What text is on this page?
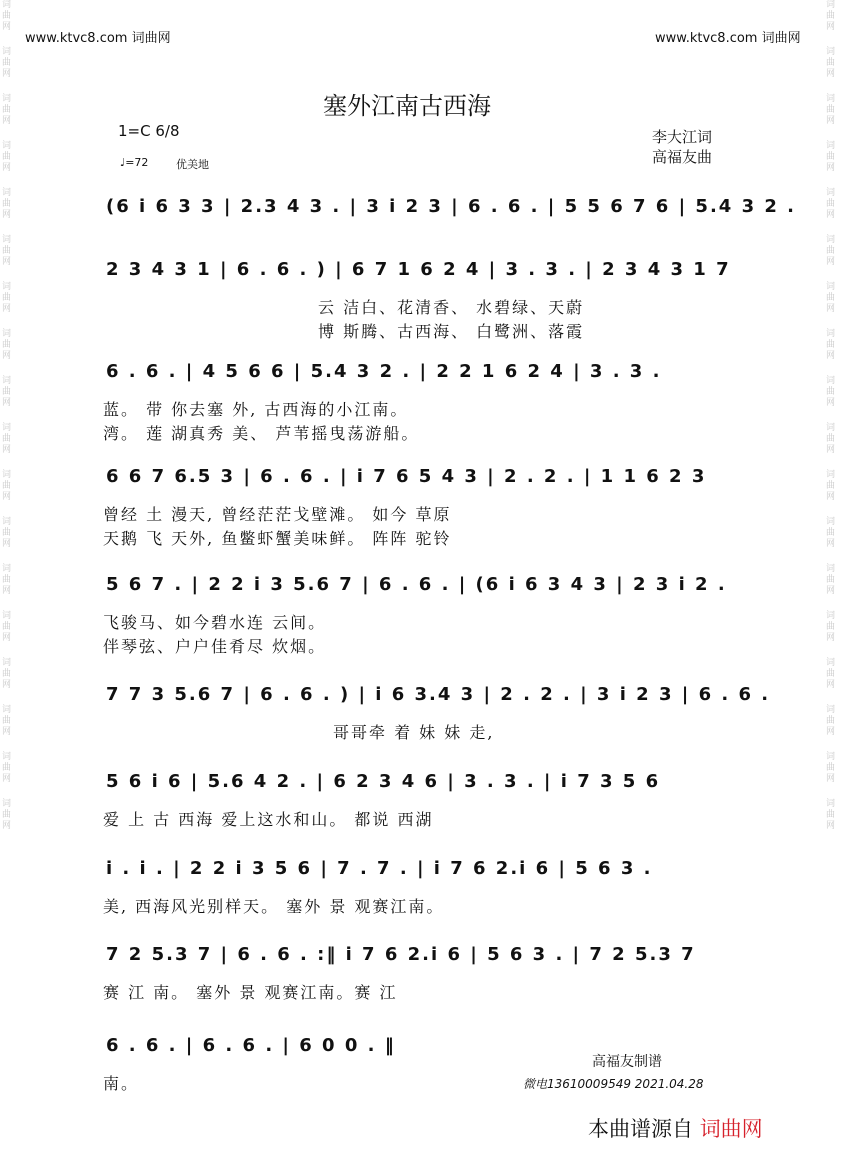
词曲网
词曲网
词曲网
词曲网
词曲网
词曲网
词曲网
词曲网
词曲网
词曲网
词曲网
词曲网
词曲网
词曲网
词曲网
词曲网
词曲网
词曲网
词曲网
词曲网
词曲网
词曲网
词曲网
词曲网
词曲网
词曲网
词曲网
词曲网
词曲网
词曲网
词曲网
词曲网
词曲网
词曲网
词曲网
词曲网
www.ktvc8.com 词曲网	www.ktvc8.com 词曲网
塞外江南古西海
1=C 6/8
♩=72	优美地
李大江词
高福友曲
(6 i 6 3 3 | 2.3 4 3 . | 3 i 2 3 | 6 . 6 . | 5 5 6 7 6 | 5.4 3 2 .
2 3 4 3 1 | 6 . 6 . ) | 6 7 1 6 2 4 | 3 . 3 . | 2 3 4 3 1 7
云 洁白、花清香、 水碧绿、天蔚
博 斯腾、古西海、 白鹭洲、落霞
6 . 6 . | 4 5 6 6 | 5.4 3 2 . | 2 2 1 6 2 4 | 3 . 3 .
蓝。 带 你去塞 外, 古西海的小江南。
湾。 莲 湖真秀 美、 芦苇摇曳荡游船。
6 6 7 6.5 3 | 6 . 6 . | i 7 6 5 4 3 | 2 . 2 . | 1 1 6 2 3
曾经 土 漫天, 曾经茫茫戈壁滩。 如今 草原
天鹅 飞 天外, 鱼鳖虾蟹美味鲜。 阵阵 驼铃
5 6 7 . | 2 2 i 3 5.6 7 | 6 . 6 . | (6 i 6 3 4 3 | 2 3 i 2 .
飞骏马、如今碧水连 云间。
伴琴弦、户户佳肴尽 炊烟。
7 7 3 5.6 7 | 6 . 6 . ) | i 6 3.4 3 | 2 . 2 . | 3 i 2 3 | 6 . 6 .
哥哥牵 着 妹 妹 走,
5 6 i 6 | 5.6 4 2 . | 6 2 3 4 6 | 3 . 3 . | i 7 3 5 6
爱 上 古 西海 爱上这水和山。 都说 西湖
i . i . | 2 2 i 3 5 6 | 7 . 7 . | i 7 6 2.i 6 | 5 6 3 .
美, 西海风光别样天。 塞外 景 观赛江南。
7 2 5.3 7 | 6 . 6 . :‖ i 7 6 2.i 6 | 5 6 3 . | 7 2 5.3 7
赛 江 南。 塞外 景 观赛江南。赛 江
6 . 6 . | 6 . 6 . | 6 0 0 . ‖
南。
高福友制谱
微电13610009549 2021.04.28
本曲谱源自 词曲网
